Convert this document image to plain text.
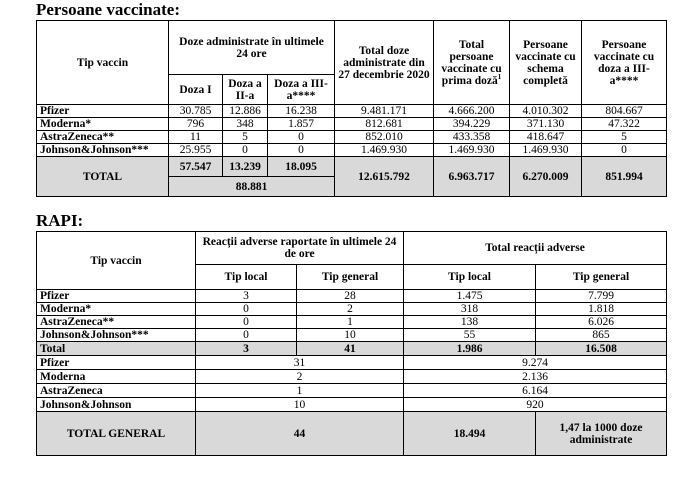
Persoane vaccinate:
Tip vaccin	Doze administrate în ultimele 24 ore			Total doze administrate din 27 decembrie 2020	Total persoane vaccinate cu prima doză$^1$	Persoane vaccinate cu schema completă	Persoane vaccinate cu doza a III-a****
	Doza I	Doza a II-a	Doza a III-a****				
Pfizer	30.785	12.886	16.238	9.481.171	4.666.200	4.010.302	804.667
Moderna*	796	348	1.857	812.681	394.229	371.130	47.322
AstraZeneca**	11	5	0	852.010	433.358	418.647	5
Johnson&Johnson***	25.955	0	0	1.469.930	1.469.930	1.469.930	0
TOTAL	57.547	13.239	18.095	12.615.792	6.963.717	6.270.009	851.994
	88.881						
RAPI:
Tip vaccin	Reacții adverse raportate în ultimele 24 de ore		Total reacții adverse	
	Tip local	Tip general	Tip local	Tip general
Pfizer	3	28	1.475	7.799
Moderna*	0	2	318	1.818
AstraZeneca**	0	1	138	6.026
Johnson&Johnson***	0	10	55	865
Total	3	41	1.986	16.508
Pfizer	31		9.274	
Moderna	2		2.136	
AstraZeneca	1		6.164	
Johnson&Johnson	10		920	
TOTAL GENERAL	44		18.494	1,47 la 1000 doze administrate
